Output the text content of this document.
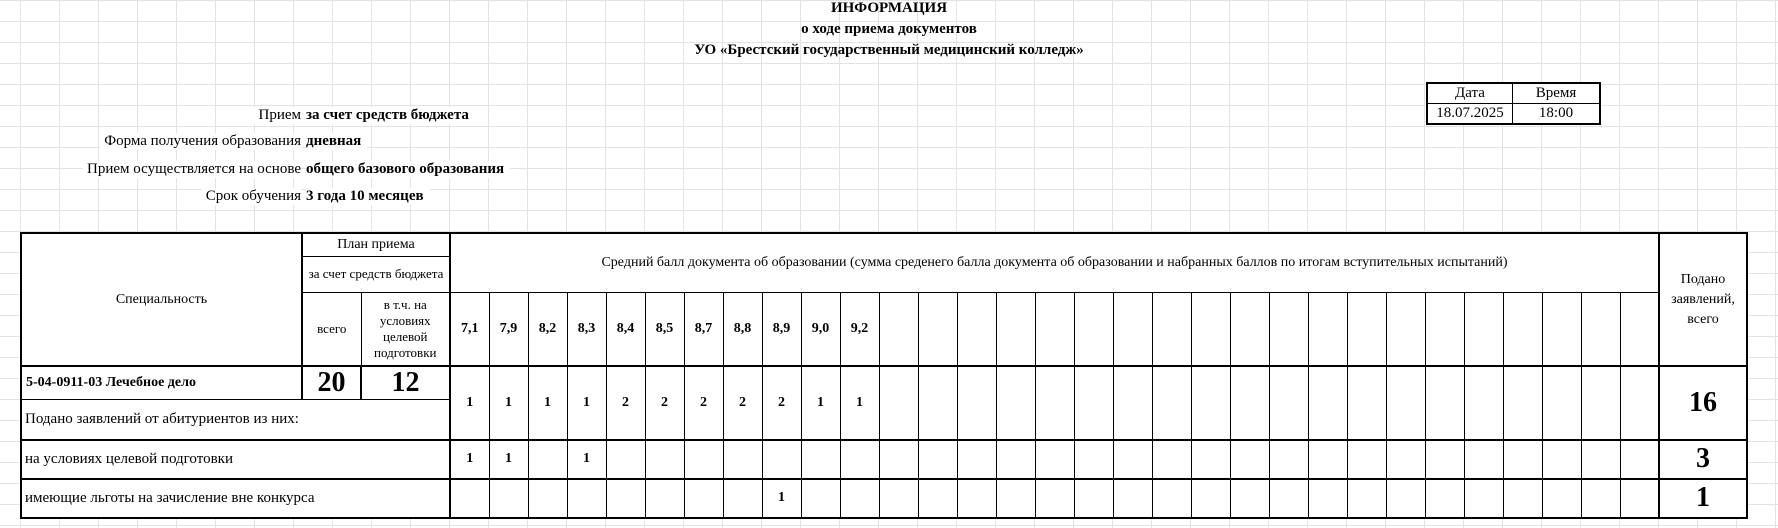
ИНФОРМАЦИЯ
о ходе приема документов
УО «Брестский государственный медицинский колледж»
Прием за счет средств бюджета
Форма получения образования дневная
Прием осуществляется на основе общего базового образования
Срок обучения 3 года 10 месяцев
Дата	Время
18.07.2025	18:00
Специальность	План приема		Средний балл документа об образовании (сумма среденего балла документа об образовании и набранных баллов по итогам вступительных испытаний)																															Подано заявлений, всего
	за счет средств бюджета																																	
	всего	в т.ч. на условиях целевой подготовки	7,1	7,9	8,2	8,3	8,4	8,5	8,7	8,8	8,9	9,0	9,2																					
5-04-0911-03 Лечебное дело	20	12	1	1	1	1	2	2	2	2	2	1	1																					16
Подано заявлений от абитуриентов из них:																																		
на условиях целевой подготовки			1	1		1																												3
имеющие льготы на зачисление вне конкурса											1																							1
